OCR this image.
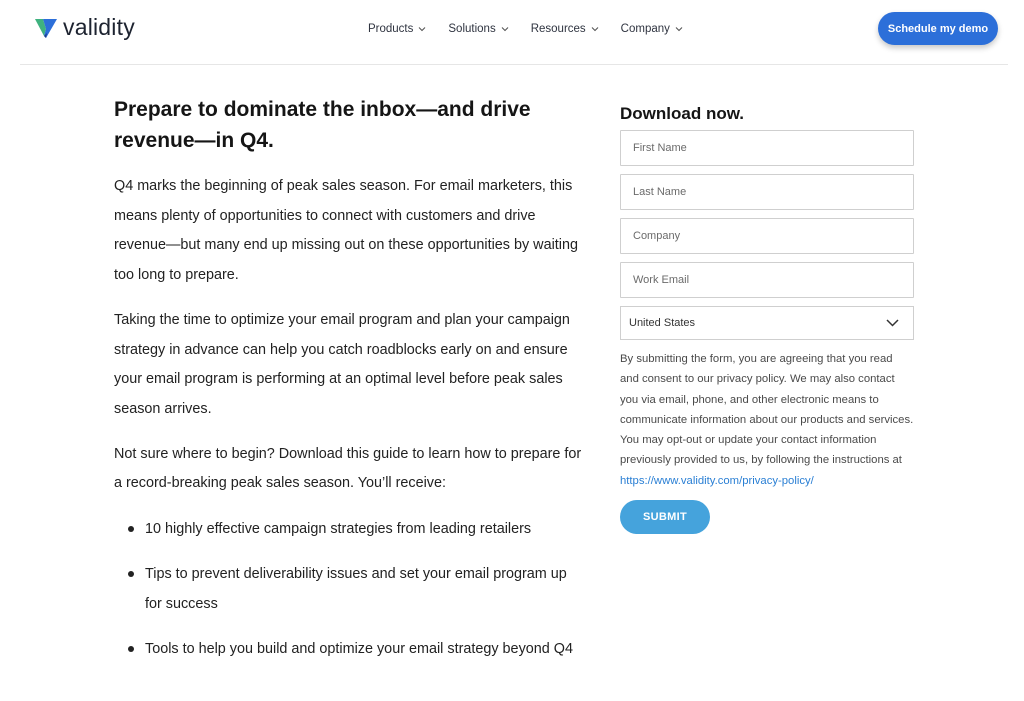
validity	Products	Solutions	Resources	Company	Schedule my demo
Prepare to dominate the inbox—and drive revenue—in Q4.

Q4 marks the beginning of peak sales season. For email marketers, this means plenty of opportunities to connect with customers and drive revenue—but many end up missing out on these opportunities by waiting too long to prepare.

Taking the time to optimize your email program and plan your campaign strategy in advance can help you catch roadblocks early on and ensure your email program is performing at an optimal level before peak sales season arrives.

Not sure where to begin? Download this guide to learn how to prepare for a record-breaking peak sales season. You’ll receive:

10 highly effective campaign strategies from leading retailers
Tips to prevent deliverability issues and set your email program up for success
Tools to help you build and optimize your email strategy beyond Q4
Download now.
First Name
Last Name
Company
Work Email
United States

By submitting the form, you are agreeing that you read and consent to our privacy policy. We may also contact you via email, phone, and other electronic means to communicate information about our products and services. You may opt-out or update your contact information previously provided to us, by following the instructions at https://www.validity.com/privacy-policy/

SUBMIT
